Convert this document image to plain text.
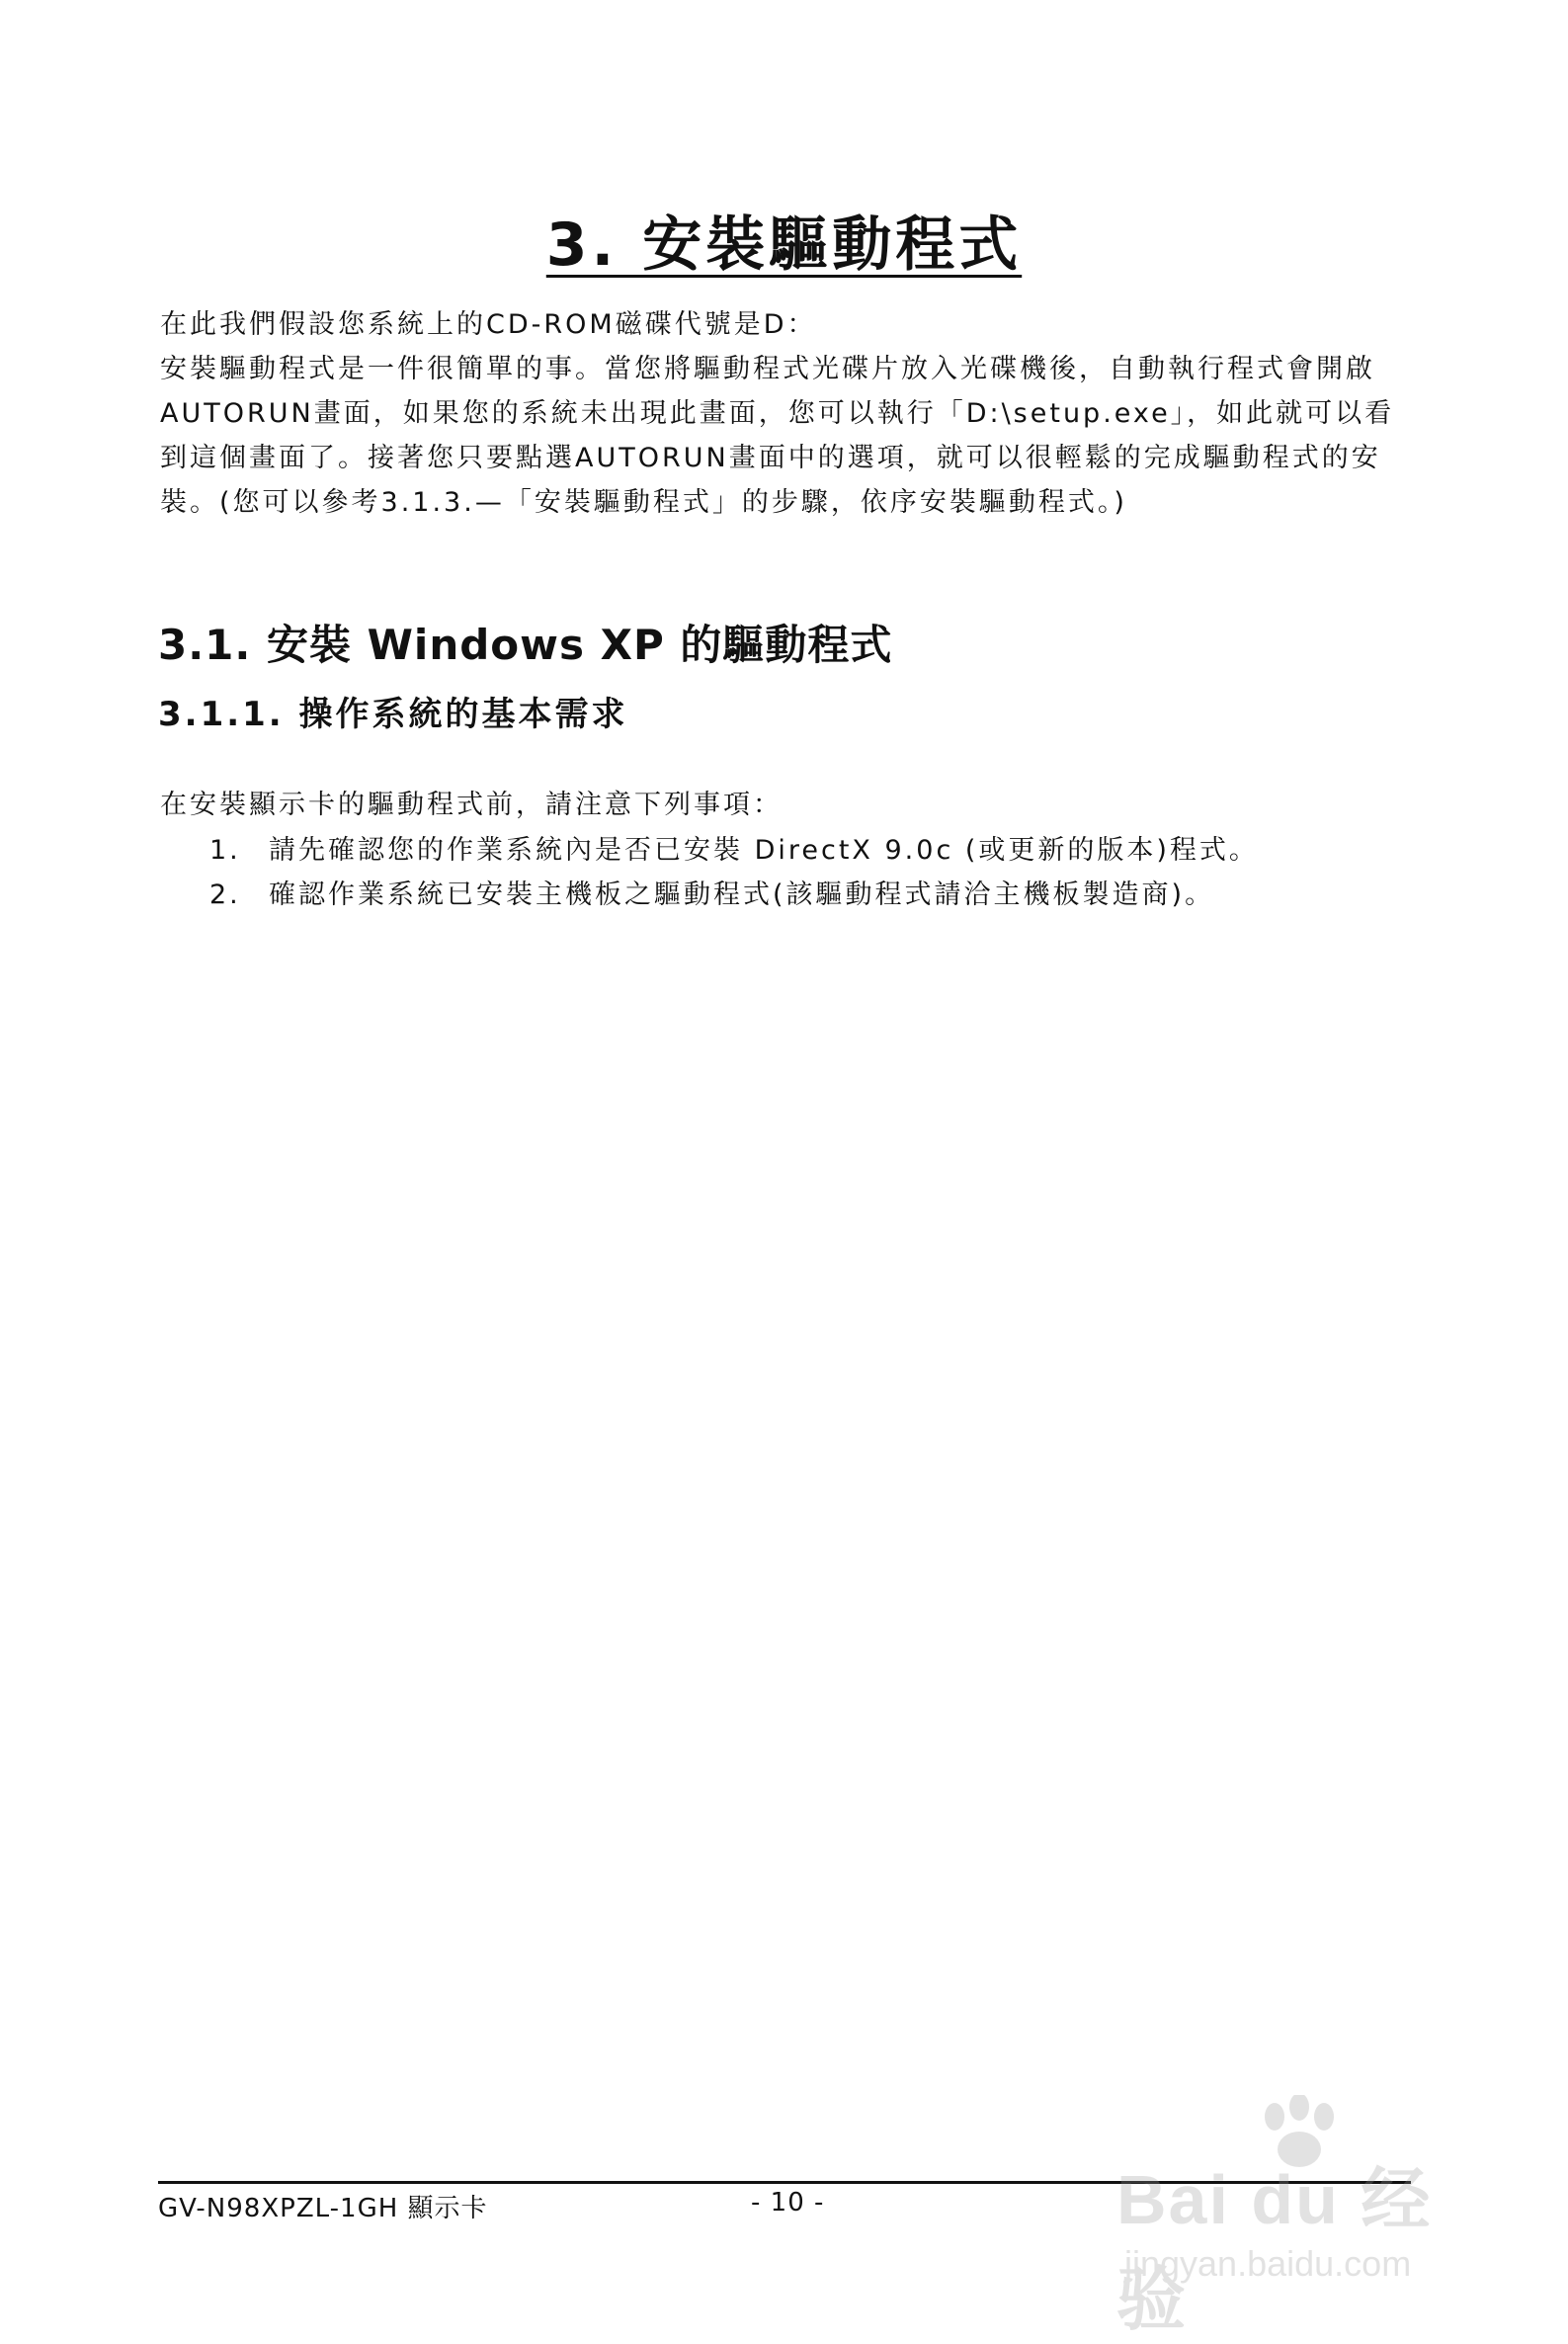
3. 安裝驅動程式

在此我們假設您系統上的CD-ROM磁碟代號是D：

安裝驅動程式是一件很簡單的事。當您將驅動程式光碟片放入光碟機後，自動執行程式會開啟AUTORUN畫面，如果您的系統未出現此畫面，您可以執行「D:\setup.exe」，如此就可以看到這個畫面了。接著您只要點選AUTORUN畫面中的選項，就可以很輕鬆的完成驅動程式的安裝。(您可以參考3.1.3.—「安裝驅動程式」的步驟，依序安裝驅動程式。)

3.1. 安裝 Windows XP 的驅動程式
3.1.1. 操作系統的基本需求

在安裝顯示卡的驅動程式前，請注意下列事項：

1.	請先確認您的作業系統內是否已安裝 DirectX 9.0c (或更新的版本)程式。
2.	確認作業系統已安裝主機板之驅動程式(該驅動程式請洽主機板製造商)。
GV-N98XPZL-1GH 顯示卡	- 10 -	Bai du 经验
jingyan.baidu.com
